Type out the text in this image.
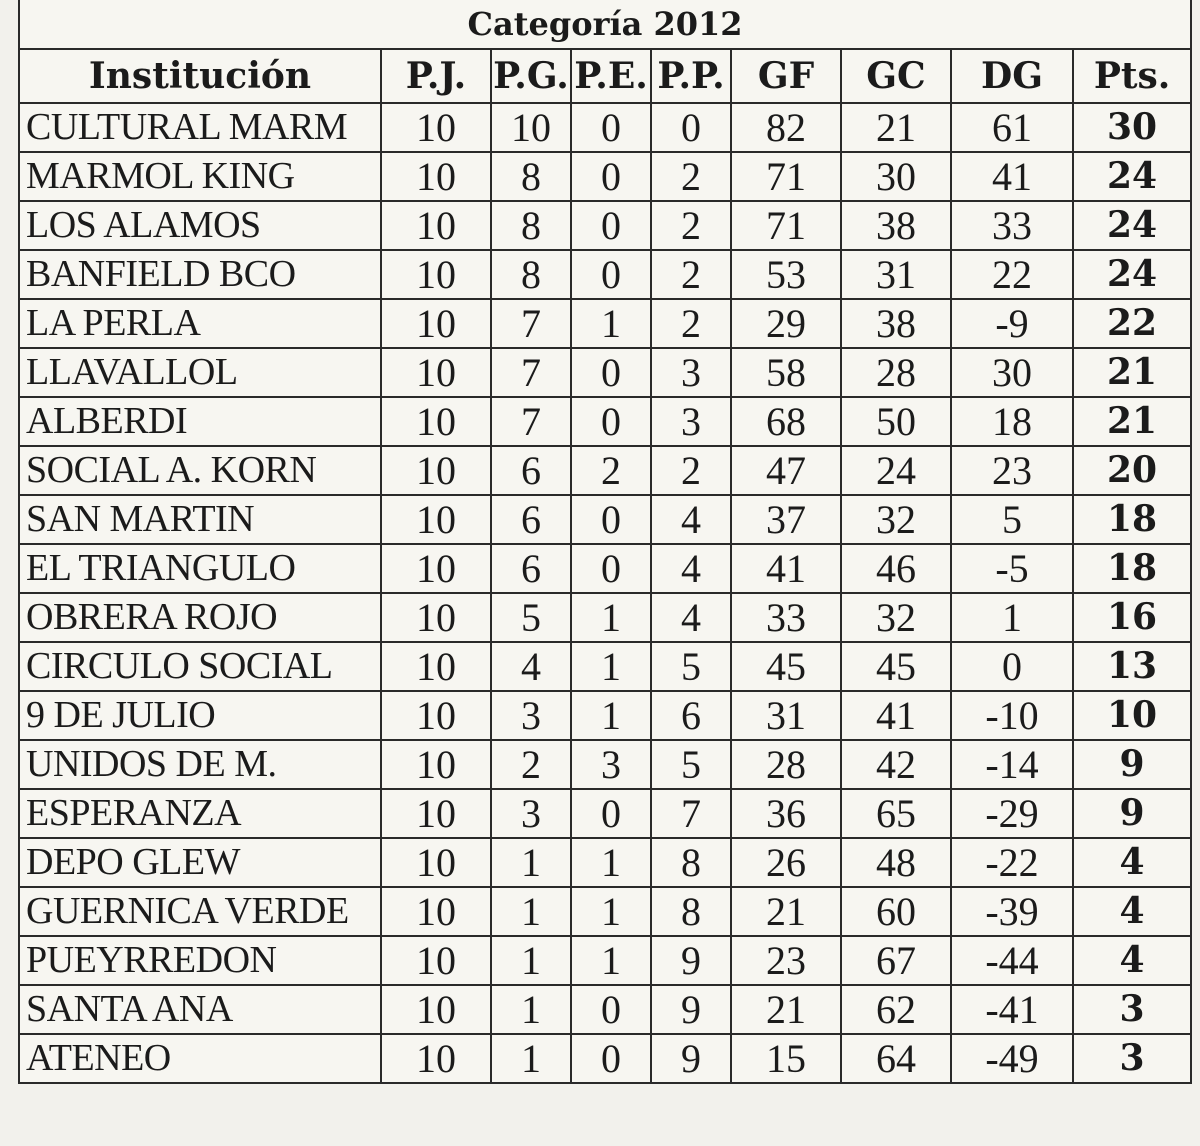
Categoría 2012								
Institución	P.J.	P.G.	P.E.	P.P.	GF	GC	DG	Pts.
CULTURAL MARM	10	10	0	0	82	21	61	30
MARMOL KING	10	8	0	2	71	30	41	24
LOS ALAMOS	10	8	0	2	71	38	33	24
BANFIELD BCO	10	8	0	2	53	31	22	24
LA PERLA	10	7	1	2	29	38	-9	22
LLAVALLOL	10	7	0	3	58	28	30	21
ALBERDI	10	7	0	3	68	50	18	21
SOCIAL A. KORN	10	6	2	2	47	24	23	20
SAN MARTIN	10	6	0	4	37	32	5	18
EL TRIANGULO	10	6	0	4	41	46	-5	18
OBRERA ROJO	10	5	1	4	33	32	1	16
CIRCULO SOCIAL	10	4	1	5	45	45	0	13
9 DE JULIO	10	3	1	6	31	41	-10	10
UNIDOS DE M.	10	2	3	5	28	42	-14	9
ESPERANZA	10	3	0	7	36	65	-29	9
DEPO GLEW	10	1	1	8	26	48	-22	4
GUERNICA VERDE	10	1	1	8	21	60	-39	4
PUEYRREDON	10	1	1	9	23	67	-44	4
SANTA ANA	10	1	0	9	21	62	-41	3
ATENEO	10	1	0	9	15	64	-49	3
